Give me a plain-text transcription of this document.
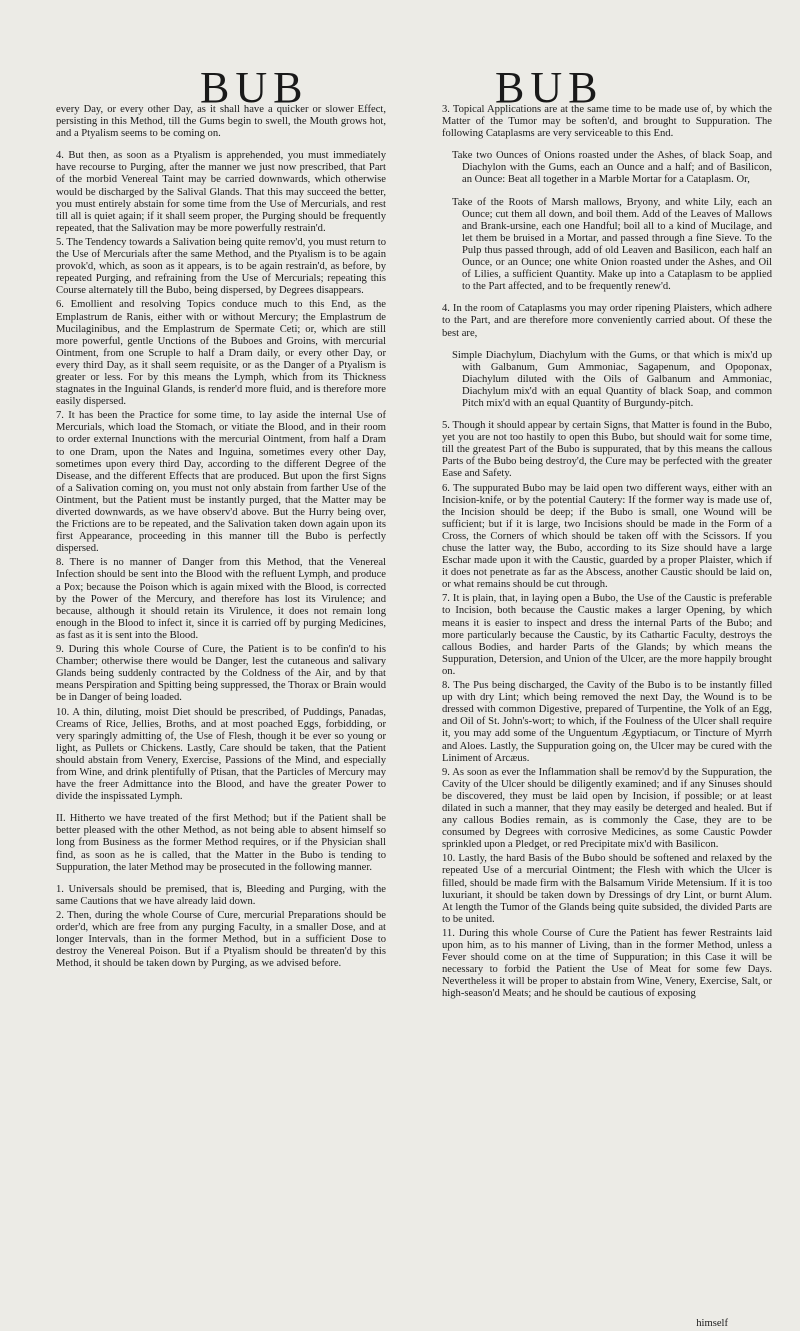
BUB	BUB

every Day, or every other Day, as it shall have a quicker or slower Effect, persisting in this Method, till the Gums begin to swell, the Mouth grows hot, and a Ptyalism seems to be coming on.

4. But then, as soon as a Ptyalism is apprehended, you must immediately have recourse to Purging, after the manner we just now prescribed, that Part of the morbid Venereal Taint may be carried downwards, which otherwise would be discharged by the Salival Glands. That this may succeed the better, you must entirely abstain for some time from the Use of Mercurials, and rest till all is quiet again; if it shall seem proper, the Purging should be frequently repeated, that the Salivation may be more powerfully restrain'd.

5. The Tendency towards a Salivation being quite remov'd, you must return to the Use of Mercurials after the same Method, and the Ptyalism is to be again provok'd, which, as soon as it appears, is to be again restrain'd, as before, by repeated Purging, and refraining from the Use of Mercurials; repeating this Course alternately till the Bubo, being dispersed, by Degrees disappears.

6. Emollient and resolving Topics conduce much to this End, as the Emplastrum de Ranis, either with or without Mercury; the Emplastrum de Mucilaginibus, and the Emplastrum de Spermate Ceti; or, which are still more powerful, gentle Unctions of the Buboes and Groins, with mercurial Ointment, from one Scruple to half a Dram daily, or every other Day, or every third Day, as it shall seem requisite, or as the Danger of a Ptyalism is greater or less. For by this means the Lymph, which from its Thickness stagnates in the Inguinal Glands, is render'd more fluid, and is therefore more easily dispersed.

7. It has been the Practice for some time, to lay aside the internal Use of Mercurials, which load the Stomach, or vitiate the Blood, and in their room to order external Inunctions with the mercurial Ointment, from half a Dram to one Dram, upon the Nates and Inguina, sometimes every other Day, sometimes upon every third Day, according to the different Degree of the Disease, and the different Effects that are produced. But upon the first Signs of a Salivation coming on, you must not only abstain from farther Use of the Ointment, but the Patient must be instantly purged, that the Matter may be diverted downwards, as we have observ'd above. But the Hurry being over, the Frictions are to be repeated, and the Salivation taken down again upon its first Appearance, proceeding in this manner till the Bubo is perfectly dispersed.

8. There is no manner of Danger from this Method, that the Venereal Infection should be sent into the Blood with the refluent Lymph, and produce a Pox; because the Poison which is again mixed with the Blood, is corrected by the Power of the Mercury, and therefore has lost its Virulence; and because, although it should retain its Virulence, it does not remain long enough in the Blood to infect it, since it is carried off by purging Medicines, as fast as it is sent into the Blood.

9. During this whole Course of Cure, the Patient is to be confin'd to his Chamber; otherwise there would be Danger, lest the cutaneous and salivary Glands being suddenly contracted by the Coldness of the Air, and by that means Perspiration and Spitting being suppressed, the Thorax or Brain would be in Danger of being loaded.

10. A thin, diluting, moist Diet should be prescribed, of Puddings, Panadas, Creams of Rice, Jellies, Broths, and at most poached Eggs, forbidding, or very sparingly admitting of, the Use of Flesh, though it be ever so young or light, as Pullets or Chickens. Lastly, Care should be taken, that the Patient should abstain from Venery, Exercise, Passions of the Mind, and especially from Wine, and drink plentifully of Ptisan, that the Particles of Mercury may have the freer Admittance into the Blood, and have the greater Power to divide the inspissated Lymph.

II. Hitherto we have treated of the first Method; but if the Patient shall be better pleased with the other Method, as not being able to absent himself so long from Business as the former Method requires, or if the Physician shall find, as soon as he is called, that the Matter in the Bubo is tending to Suppuration, the later Method may be prosecuted in the following manner.

1. Universals should be premised, that is, Bleeding and Purging, with the same Cautions that we have already laid down.

2. Then, during the whole Course of Cure, mercurial Preparations should be order'd, which are free from any purging Faculty, in a smaller Dose, and at longer Intervals, than in the former Method, but in a sufficient Dose to destroy the Venereal Poison. But if a Ptyalism should be threaten'd by this Method, it should be taken down by Purging, as we advised before.

3. Topical Applications are at the same time to be made use of, by which the Matter of the Tumor may be soften'd, and brought to Suppuration. The following Cataplasms are very serviceable to this End.

Take two Ounces of Onions roasted under the Ashes, of black Soap, and Diachylon with the Gums, each an Ounce and a half; and of Basilicon, an Ounce: Beat all together in a Marble Mortar for a Cataplasm. Or,

Take of the Roots of Marsh mallows, Bryony, and white Lily, each an Ounce; cut them all down, and boil them. Add of the Leaves of Mallows and Brank-ursine, each one Handful; boil all to a kind of Mucilage, and let them be bruised in a Mortar, and passed through a fine Sieve. To the Pulp thus passed through, add of old Leaven and Basilicon, each half an Ounce, or an Ounce; one white Onion roasted under the Ashes, and Oil of Lilies, a sufficient Quantity. Make up into a Cataplasm to be applied to the Part affected, and to be frequently renew'd.

4. In the room of Cataplasms you may order ripening Plaisters, which adhere to the Part, and are therefore more conveniently carried about. Of these the best are,

Simple Diachylum, Diachylum with the Gums, or that which is mix'd up with Galbanum, Gum Ammoniac, Sagapenum, and Opoponax, Diachylum diluted with the Oils of Galbanum and Ammoniac, Diachylum mix'd with an equal Quantity of black Soap, and common Pitch mix'd with an equal Quantity of Burgundy-pitch.

5. Though it should appear by certain Signs, that Matter is found in the Bubo, yet you are not too hastily to open this Bubo, but should wait for some time, till the greatest Part of the Bubo is suppurated, that by this means the callous Parts of the Bubo being destroy'd, the Cure may be perfected with the greater Ease and Safety.

6. The suppurated Bubo may be laid open two different ways, either with an Incision-knife, or by the potential Cautery: If the former way is made use of, the Incision should be deep; if the Bubo is small, one Wound will be sufficient; but if it is large, two Incisions should be made in the Form of a Cross, the Corners of which should be taken off with the Scissors. If you chuse the latter way, the Bubo, according to its Size should have a large Eschar made upon it with the Caustic, guarded by a proper Plaister, which if it does not penetrate as far as the Abscess, another Caustic should be laid on, or what remains should be cut through.

7. It is plain, that, in laying open a Bubo, the Use of the Caustic is preferable to Incision, both because the Caustic makes a larger Opening, by which means it is easier to inspect and dress the internal Parts of the Bubo; and more particularly because the Caustic, by its Cathartic Faculty, destroys the callous Bodies, and harder Parts of the Glands; by which means the Suppuration, Detersion, and Union of the Ulcer, are the more happily brought on.

8. The Pus being discharged, the Cavity of the Bubo is to be instantly filled up with dry Lint; which being removed the next Day, the Wound is to be dressed with common Digestive, prepared of Turpentine, the Yolk of an Egg, and Oil of St. John's-wort; to which, if the Foulness of the Ulcer shall require it, you may add some of the Unguentum Ægyptiacum, or Tincture of Myrrh and Aloes. Lastly, the Suppuration going on, the Ulcer may be cured with the Liniment of Arcæus.

9. As soon as ever the Inflammation shall be remov'd by the Suppuration, the Cavity of the Ulcer should be diligently examined; and if any Sinuses should be discovered, they must be laid open by Incision, if possible; or at least dilated in such a manner, that they may easily be deterged and healed. But if any callous Bodies remain, as is commonly the Case, they are to be consumed by Degrees with corrosive Medicines, as some Caustic Powder sprinkled upon a Pledget, or red Precipitate mix'd with Basilicon.

10. Lastly, the hard Basis of the Bubo should be softened and relaxed by the repeated Use of a mercurial Ointment; the Flesh with which the Ulcer is filled, should be made firm with the Balsamum Viride Metensium. If it is too luxuriant, it should be taken down by Dressings of dry Lint, or burnt Alum. At length the Tumor of the Glands being quite subsided, the divided Parts are to be united.

11. During this whole Course of Cure the Patient has fewer Restraints laid upon him, as to his manner of Living, than in the former Method, unless a Fever should come on at the time of Suppuration; in this Case it will be necessary to forbid the Patient the Use of Meat for some few Days. Nevertheless it will be proper to abstain from Wine, Venery, Exercise, Salt, or high-season'd Meats; and he should be cautious of exposing

himself
